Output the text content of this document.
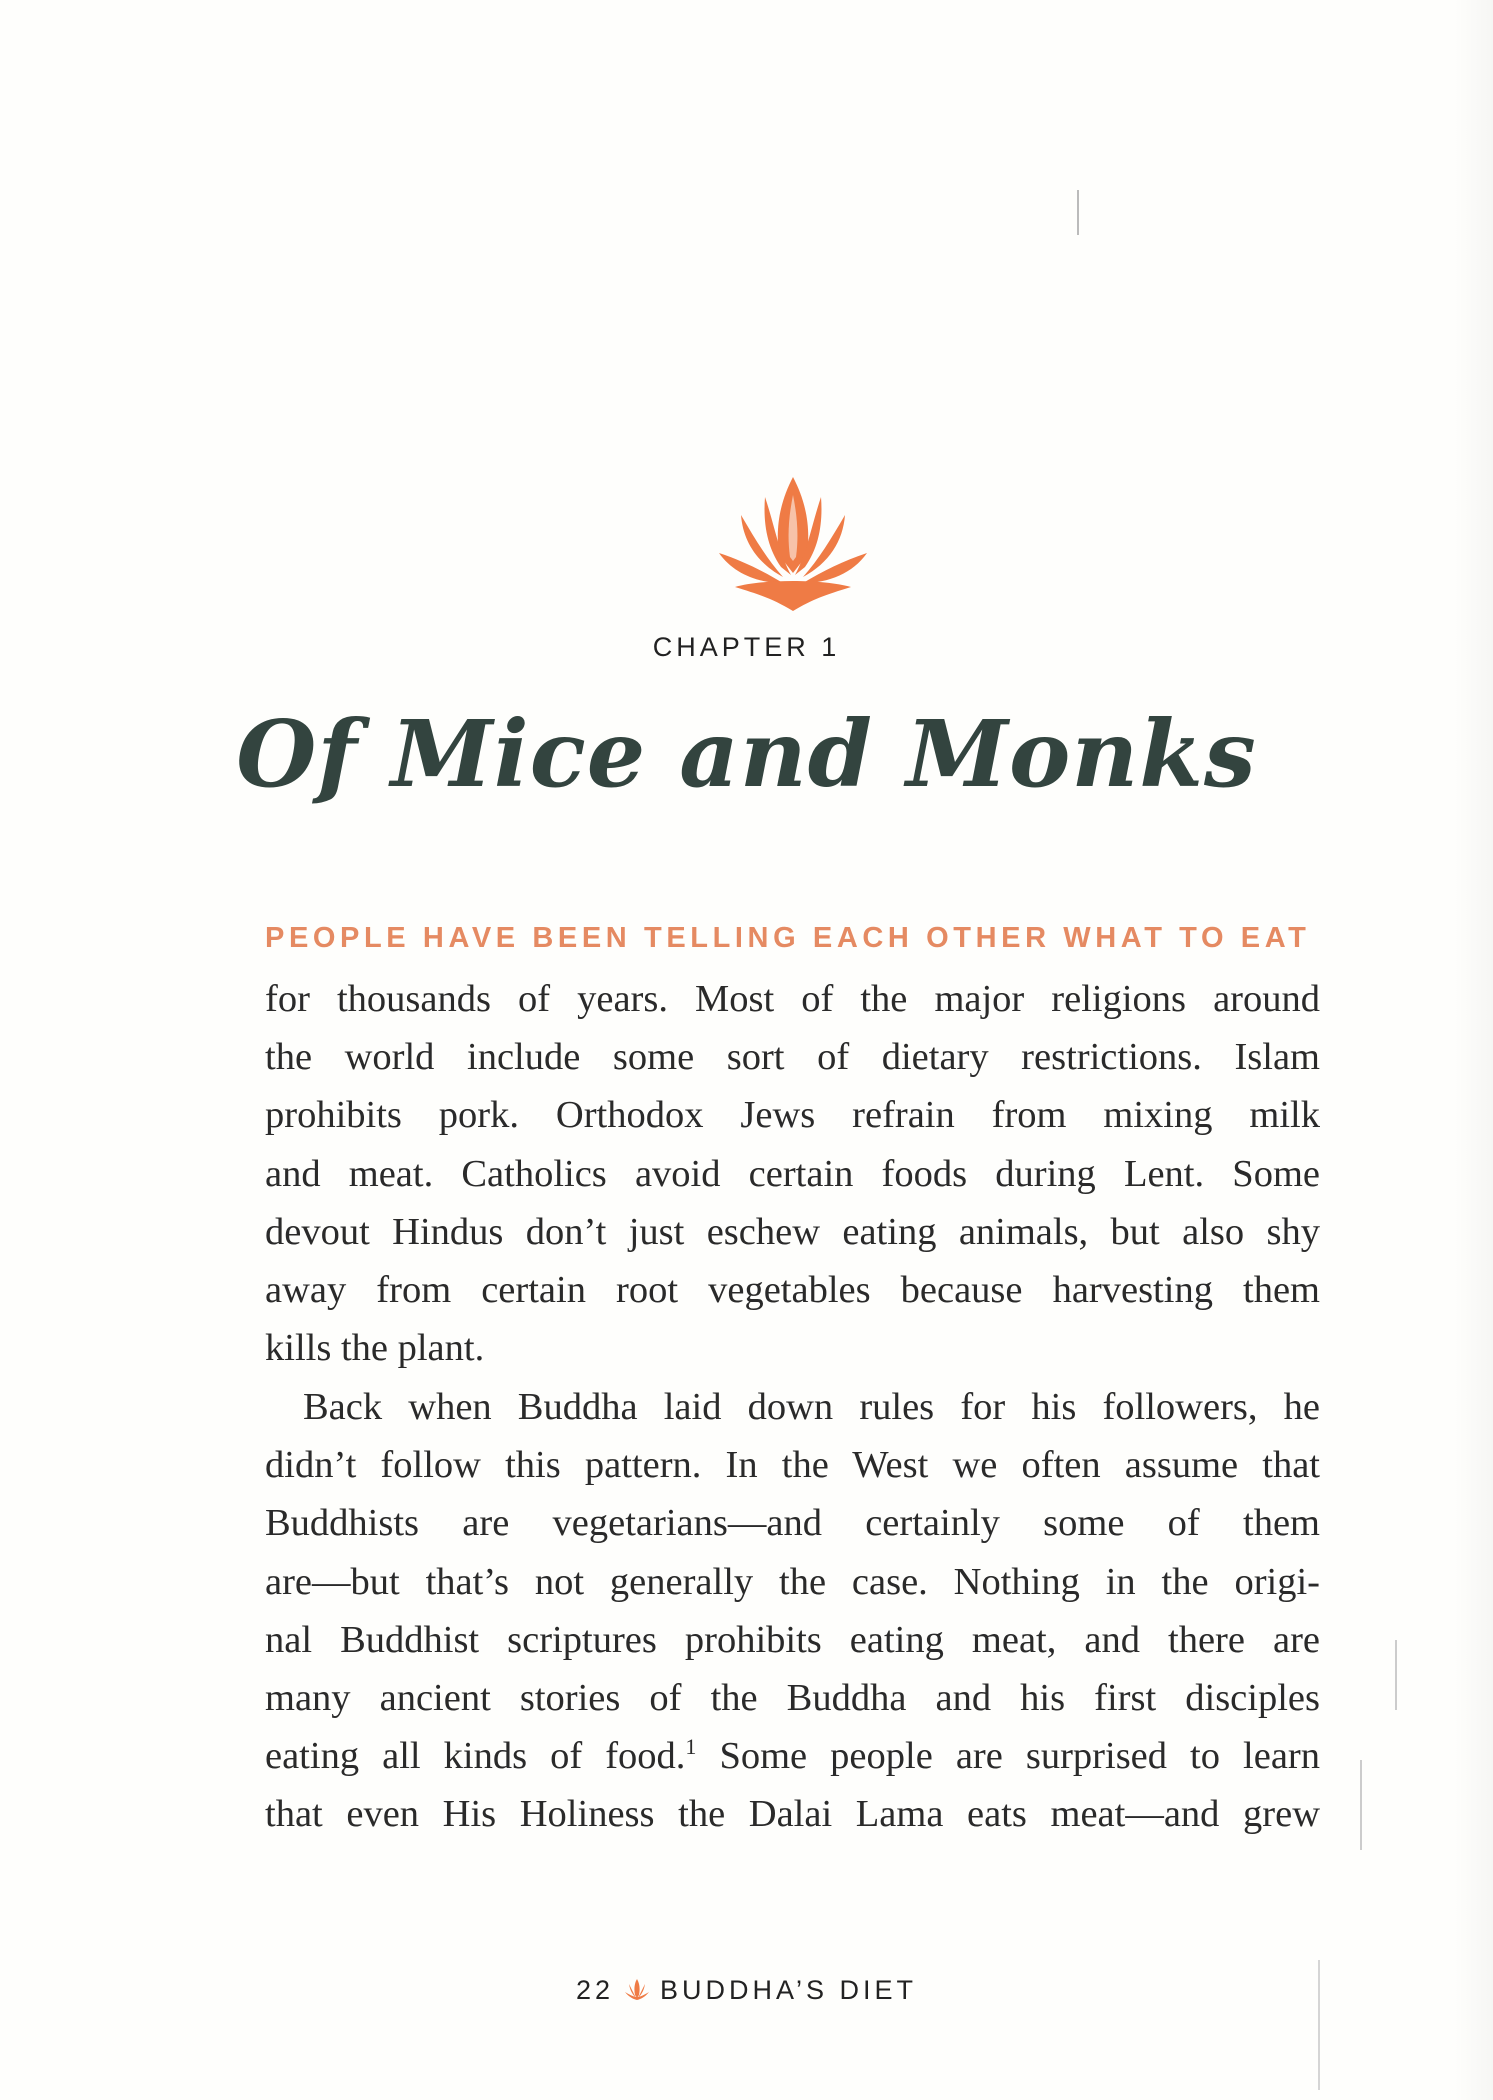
CHAPTER 1
Of Mice and Monks
PEOPLE HAVE BEEN TELLING EACH OTHER WHAT TO EAT
for thousands of years. Most of the major religions around
the world include some sort of dietary restrictions. Islam
prohibits pork. Orthodox Jews refrain from mixing milk
and meat. Catholics avoid certain foods during Lent. Some
devout Hindus don’t just eschew eating animals, but also shy
away from certain root vegetables because harvesting them
kills the plant.
Back when Buddha laid down rules for his followers, he
didn’t follow this pattern. In the West we often assume that
Buddhists are vegetarians—and certainly some of them
are—but that’s not generally the case. Nothing in the origi-
nal Buddhist scriptures prohibits eating meat, and there are
many ancient stories of the Buddha and his first disciples
eating all kinds of food.$^1$ Some people are surprised to learn
that even His Holiness the Dalai Lama eats meat—and grew
22 BUDDHA’S DIET
